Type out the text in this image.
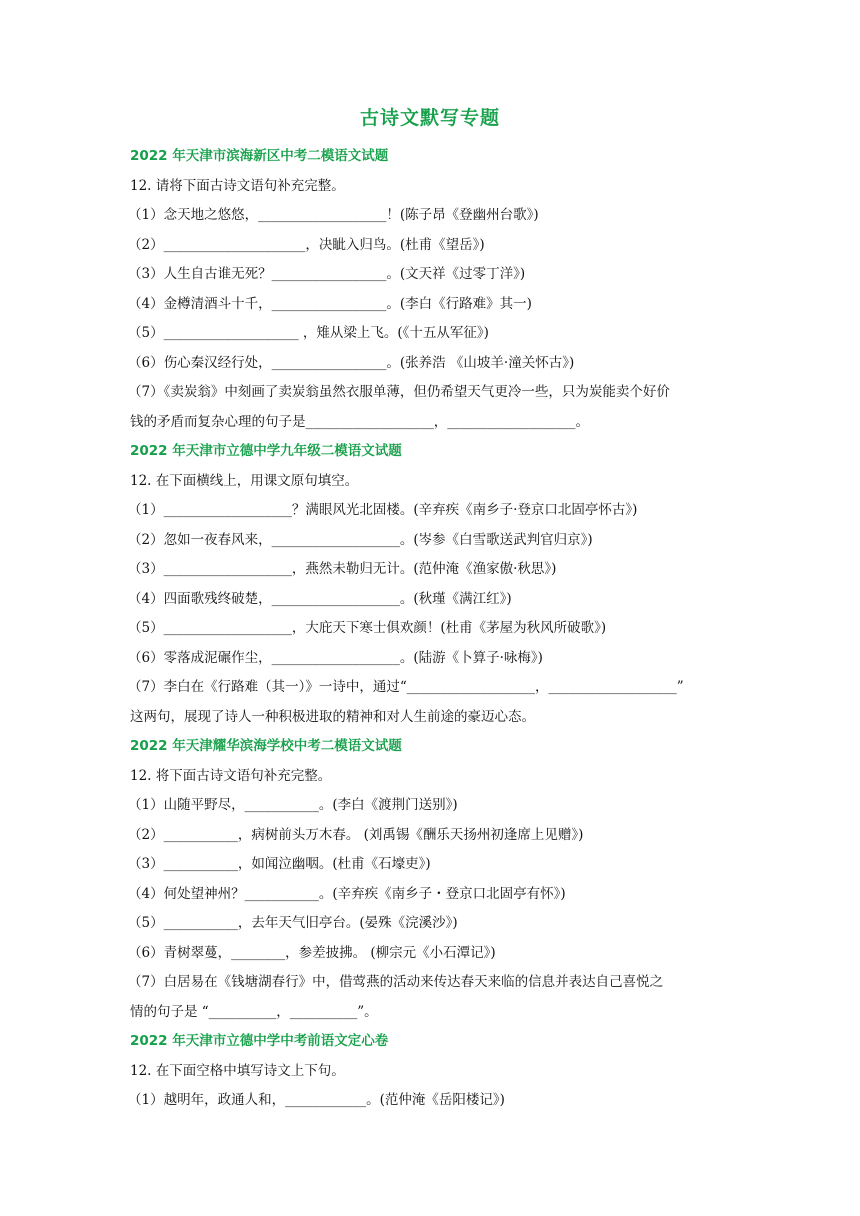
古诗文默写专题
2022 年天津市滨海新区中考二模语文试题
12. 请将下面古诗文语句补充完整。
（1）念天地之悠悠，___________________！(陈子昂《登幽州台歌》)
（2）_____________________，决眦入归鸟。(杜甫《望岳》)
（3）人生自古谁无死？_________________。(文天祥《过零丁洋》)
（4）金樽清酒斗十千，_________________。(李白《行路难》其一)
（5）____________________ ，雉从梁上飞。(《十五从军征》)
（6）伤心秦汉经行处，_________________。(张养浩 《山坡羊·潼关怀古》)
（7）《卖炭翁》中刻画了卖炭翁虽然衣服单薄，但仍希望天气更冷一些，只为炭能卖个好价
钱的矛盾而复杂心理的句子是___________________，___________________。
2022 年天津市立德中学九年级二模语文试题
12. 在下面横线上，用课文原句填空。
（1）___________________？满眼风光北固楼。(辛弃疾《南乡子·登京口北固亭怀古》)
（2）忽如一夜春风来，___________________。(岑参《白雪歌送武判官归京》)
（3）___________________，燕然未勒归无计。(范仲淹《渔家傲·秋思》)
（4）四面歌残终破楚，___________________。(秋瑾《满江红》)
（5）___________________，大庇天下寒士俱欢颜！(杜甫《茅屋为秋风所破歌》)
（6）零落成泥碾作尘，___________________。(陆游《卜算子·咏梅》)
（7）李白在《行路难（其一）》一诗中，通过“___________________，___________________”
这两句，展现了诗人一种积极进取的精神和对人生前途的豪迈心态。
2022 年天津耀华滨海学校中考二模语文试题
12. 将下面古诗文语句补充完整。
（1）山随平野尽，___________。(李白《渡荆门送别》)
（2）___________，病树前头万木春。 (刘禹锡《酬乐天扬州初逢席上见赠》)
（3）___________，如闻泣幽咽。(杜甫《石壕吏》)
（4）何处望神州？___________。(辛弃疾《南乡子・登京口北固亭有怀》)
（5）___________，去年天气旧亭台。(晏殊《浣溪沙》)
（6）青树翠蔓，________，参差披拂。 (柳宗元《小石潭记》)
（7）白居易在《钱塘湖春行》中，借莺燕的活动来传达春天来临的信息并表达自己喜悦之
情的句子是 “__________，__________”。
2022 年天津市立德中学中考前语文定心卷
12. 在下面空格中填写诗文上下句。
（1）越明年，政通人和，____________。(范仲淹《岳阳楼记》)
